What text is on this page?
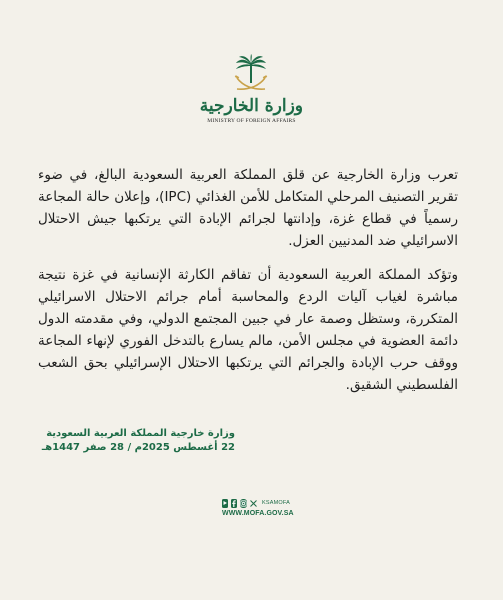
وزارة الخارجية
MINISTRY OF FOREIGN AFFAIRS

تعرب وزارة الخارجية عن قلق المملكة العربية السعودية البالغ، في ضوء تقرير التصنيف المرحلي المتكامل للأمن الغذائي (IPC)، وإعلان حالة المجاعة رسمياً في قطاع غزة، وإدانتها لجرائم الإبادة التي يرتكبها جيش الاحتلال الاسرائيلي ضد المدنيين العزل.

وتؤكد المملكة العربية السعودية أن تفاقم الكارثة الإنسانية في غزة نتيجة مباشرة لغياب آليات الردع والمحاسبة أمام جرائم الاحتلال الاسرائيلي المتكررة، وستظل وصمة عار في جبين المجتمع الدولي، وفي مقدمته الدول دائمة العضوية في مجلس الأمن، مالم يسارع بالتدخل الفوري لإنهاء المجاعة ووقف حرب الإبادة والجرائم التي يرتكبها الاحتلال الإسرائيلي بحق الشعب الفلسطيني الشقيق.

وزارة خارجية المملكة العربية السعودية
22 أغسطس 2025م / 28 صفر 1447هـ
KSAMOFA
WWW.MOFA.GOV.SA
